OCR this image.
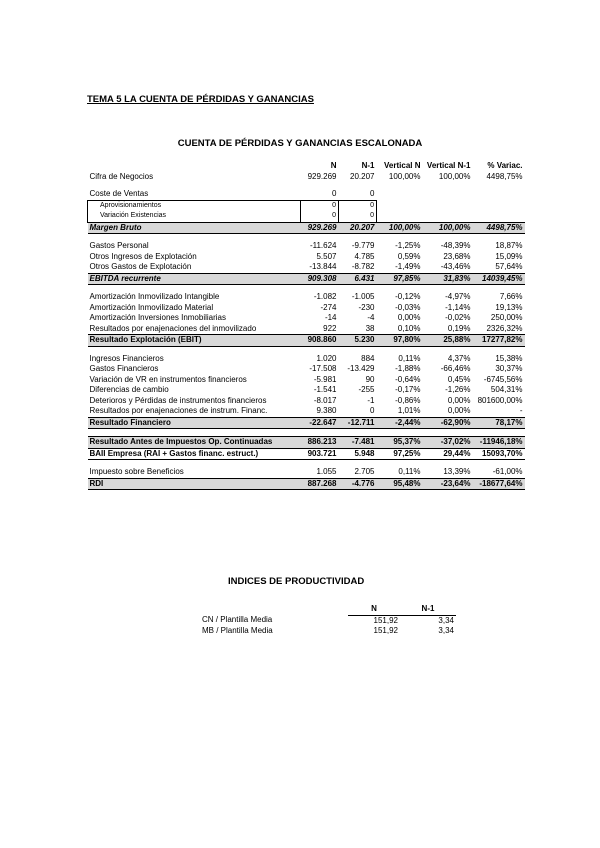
TEMA 5 LA CUENTA DE PÉRDIDAS Y GANANCIAS
CUENTA DE PÉRDIDAS Y GANANCIAS ESCALONADA
	N	N-1	Vertical N	Vertical N-1	% Variac.
Cifra de Negocios	929.269	20.207	100,00%	100,00%	4498,75%

Coste de Ventas	0	0			
Aprovisionamientos	0	0			
Variación Existencias	0	0			
Margen Bruto	929.269	20.207	100,00%	100,00%	4498,75%

Gastos Personal	-11.624	-9.779	-1,25%	-48,39%	18,87%
Otros Ingresos de Explotación	5.507	4.785	0,59%	23,68%	15,09%
Otros Gastos de Explotación	-13.844	-8.782	-1,49%	-43,46%	57,64%
EBITDA recurrente	909.308	6.431	97,85%	31,83%	14039,45%

Amortización Inmovilizado Intangible	-1.082	-1.005	-0,12%	-4,97%	7,66%
Amortización Inmovilizado Material	-274	-230	-0,03%	-1,14%	19,13%
Amortización Inversiones Inmobiliarias	-14	-4	0,00%	-0,02%	250,00%
Resultados por enajenaciones del inmovilizado	922	38	0,10%	0,19%	2326,32%
Resultado Explotación (EBIT)	908.860	5.230	97,80%	25,88%	17277,82%

Ingresos Financieros	1.020	884	0,11%	4,37%	15,38%
Gastos Financieros	-17.508	-13.429	-1,88%	-66,46%	30,37%
Variación de VR en instrumentos financieros	-5.981	90	-0,64%	0,45%	-6745,56%
Diferencias de cambio	-1.541	-255	-0,17%	-1,26%	504,31%
Deterioros y Pérdidas de instrumentos financieros	-8.017	-1	-0,86%	0,00%	801600,00%
Resultados por enajenaciones de instrum. Financ.	9.380	0	1,01%	0,00%	-
Resultado Financiero	-22.647	-12.711	-2,44%	-62,90%	78,17%

Resultado Antes de Impuestos Op. Continuadas	886.213	-7.481	95,37%	-37,02%	-11946,18%
BAII Empresa (RAI + Gastos financ. estruct.)	903.721	5.948	97,25%	29,44%	15093,70%

Impuesto sobre Beneficios	1.055	2.705	0,11%	13,39%	-61,00%
RDI	887.268	-4.776	95,48%	-23,64%	-18677,64%
INDICES DE PRODUCTIVIDAD
	N	N-1
CN / Plantilla Media	151,92	3,34
MB / Plantilla Media	151,92	3,34
